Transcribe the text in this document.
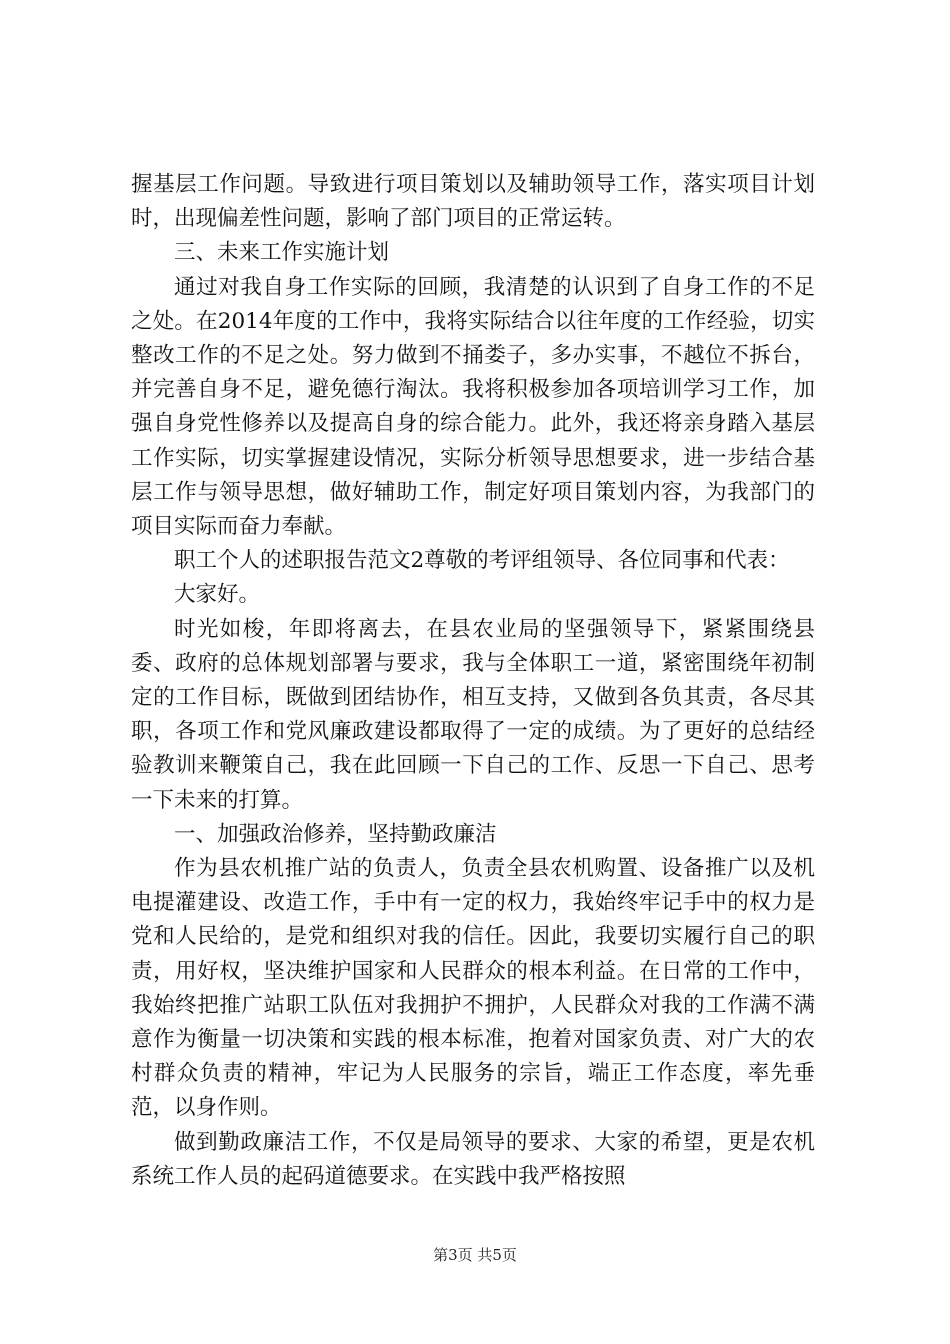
握基层工作问题。导致进行项目策划以及辅助领导工作，落实项目计划时，出现偏差性问题，影响了部门项目的正常运转。

三、未来工作实施计划

通过对我自身工作实际的回顾，我清楚的认识到了自身工作的不足之处。在2014年度的工作中，我将实际结合以往年度的工作经验，切实整改工作的不足之处。努力做到不捅娄子，多办实事，不越位不拆台，并完善自身不足，避免德行淘汰。我将积极参加各项培训学习工作，加强自身党性修养以及提高自身的综合能力。此外，我还将亲身踏入基层工作实际，切实掌握建设情况，实际分析领导思想要求，进一步结合基层工作与领导思想，做好辅助工作，制定好项目策划内容，为我部门的项目实际而奋力奉献。

职工个人的述职报告范文2尊敬的考评组领导、各位同事和代表：

大家好。

时光如梭，年即将离去，在县农业局的坚强领导下，紧紧围绕县委、政府的总体规划部署与要求，我与全体职工一道，紧密围绕年初制定的工作目标，既做到团结协作，相互支持，又做到各负其责，各尽其职，各项工作和党风廉政建设都取得了一定的成绩。为了更好的总结经验教训来鞭策自己，我在此回顾一下自己的工作、反思一下自己、思考一下未来的打算。

一、加强政治修养，坚持勤政廉洁

作为县农机推广站的负责人，负责全县农机购置、设备推广以及机电提灌建设、改造工作，手中有一定的权力，我始终牢记手中的权力是党和人民给的，是党和组织对我的信任。因此，我要切实履行自己的职责，用好权，坚决维护国家和人民群众的根本利益。在日常的工作中，我始终把推广站职工队伍对我拥护不拥护，人民群众对我的工作满不满意作为衡量一切决策和实践的根本标准，抱着对国家负责、对广大的农村群众负责的精神，牢记为人民服务的宗旨，端正工作态度，率先垂范，以身作则。

做到勤政廉洁工作，不仅是局领导的要求、大家的希望，更是农机系统工作人员的起码道德要求。在实践中我严格按照

第3页 共5页
